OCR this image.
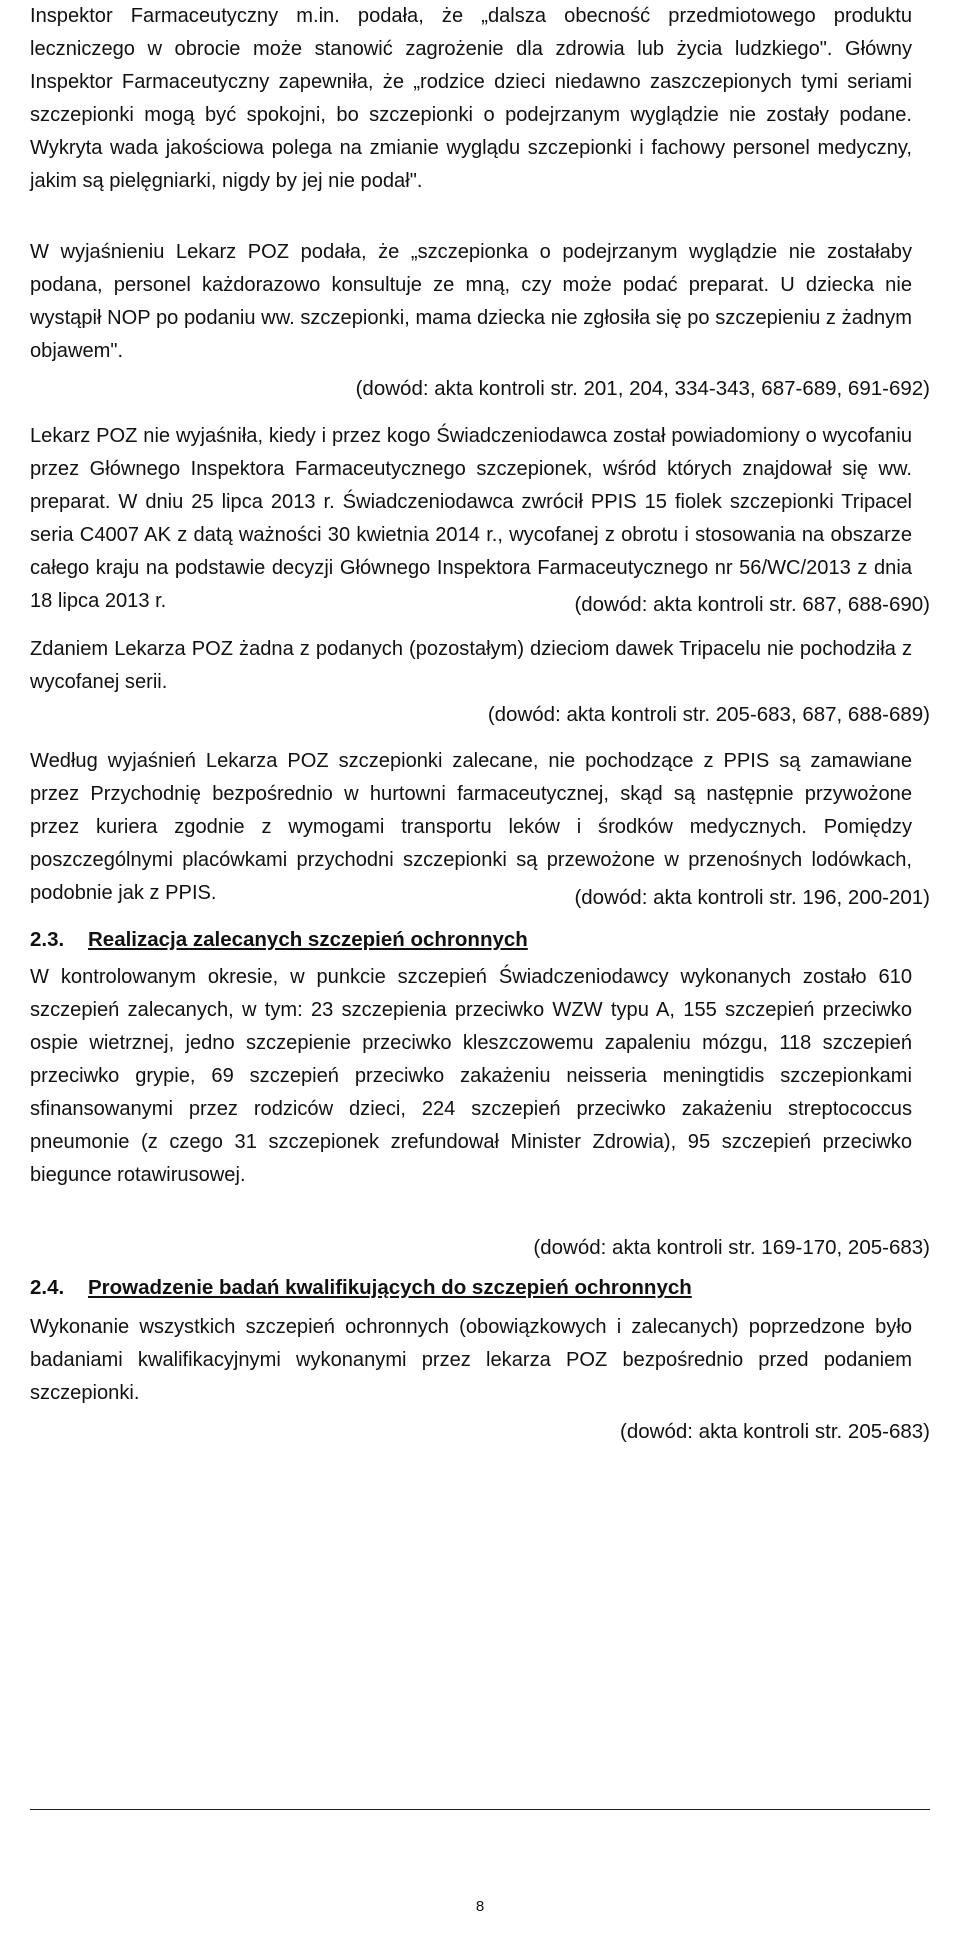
Inspektor Farmaceutyczny m.in. podała, że „dalsza obecność przedmiotowego produktu leczniczego w obrocie może stanowić zagrożenie dla zdrowia lub życia ludzkiego". Główny Inspektor Farmaceutyczny zapewniła, że „rodzice dzieci niedawno zaszczepionych tymi seriami szczepionki mogą być spokojni, bo szczepionki o podejrzanym wyglądzie nie zostały podane. Wykryta wada jakościowa polega na zmianie wyglądu szczepionki i fachowy personel medyczny, jakim są pielęgniarki, nigdy by jej nie podał".

W wyjaśnieniu Lekarz POZ podała, że „szczepionka o podejrzanym wyglądzie nie zostałaby podana, personel każdorazowo konsultuje ze mną, czy może podać preparat. U dziecka nie wystąpił NOP po podaniu ww. szczepionki, mama dziecka nie zgłosiła się po szczepieniu z żadnym objawem".

(dowód: akta kontroli str. 201, 204, 334-343, 687-689, 691-692)

Lekarz POZ nie wyjaśniła, kiedy i przez kogo Świadczeniodawca został powiadomiony o wycofaniu przez Głównego Inspektora Farmaceutycznego szczepionek, wśród których znajdował się ww. preparat. W dniu 25 lipca 2013 r. Świadczeniodawca zwrócił PPIS 15 fiolek szczepionki Tripacel seria C4007 AK z datą ważności 30 kwietnia 2014 r., wycofanej z obrotu i stosowania na obszarze całego kraju na podstawie decyzji Głównego Inspektora Farmaceutycznego nr 56/WC/2013 z dnia 18 lipca 2013 r.	(dowód: akta kontroli str. 687, 688-690)

Zdaniem Lekarza POZ żadna z podanych (pozostałym) dzieciom dawek Tripacelu nie pochodziła z wycofanej serii.

(dowód: akta kontroli str. 205-683, 687, 688-689)

Według wyjaśnień Lekarza POZ szczepionki zalecane, nie pochodzące z PPIS są zamawiane przez Przychodnię bezpośrednio w hurtowni farmaceutycznej, skąd są następnie przywożone przez kuriera zgodnie z wymogami transportu leków i środków medycznych. Pomiędzy poszczególnymi placówkami przychodni szczepionki są przewożone w przenośnych lodówkach, podobnie jak z PPIS.	(dowód: akta kontroli str. 196, 200-201)

2.3. Realizacja zalecanych szczepień ochronnych

W kontrolowanym okresie, w punkcie szczepień Świadczeniodawcy wykonanych zostało 610 szczepień zalecanych, w tym: 23 szczepienia przeciwko WZW typu A, 155 szczepień przeciwko ospie wietrznej, jedno szczepienie przeciwko kleszczowemu zapaleniu mózgu, 118 szczepień przeciwko grypie, 69 szczepień przeciwko zakażeniu neisseria meningtidis szczepionkami sfinansowanymi przez rodziców dzieci, 224 szczepień przeciwko zakażeniu streptococcus pneumonie (z czego 31 szczepionek zrefundował Minister Zdrowia), 95 szczepień przeciwko biegunce rotawirusowej.

(dowód: akta kontroli str. 169-170, 205-683)

2.4. Prowadzenie badań kwalifikujących do szczepień ochronnych

Wykonanie wszystkich szczepień ochronnych (obowiązkowych i zalecanych) poprzedzone było badaniami kwalifikacyjnymi wykonanymi przez lekarza POZ bezpośrednio przed podaniem szczepionki.

(dowód: akta kontroli str. 205-683)

8
